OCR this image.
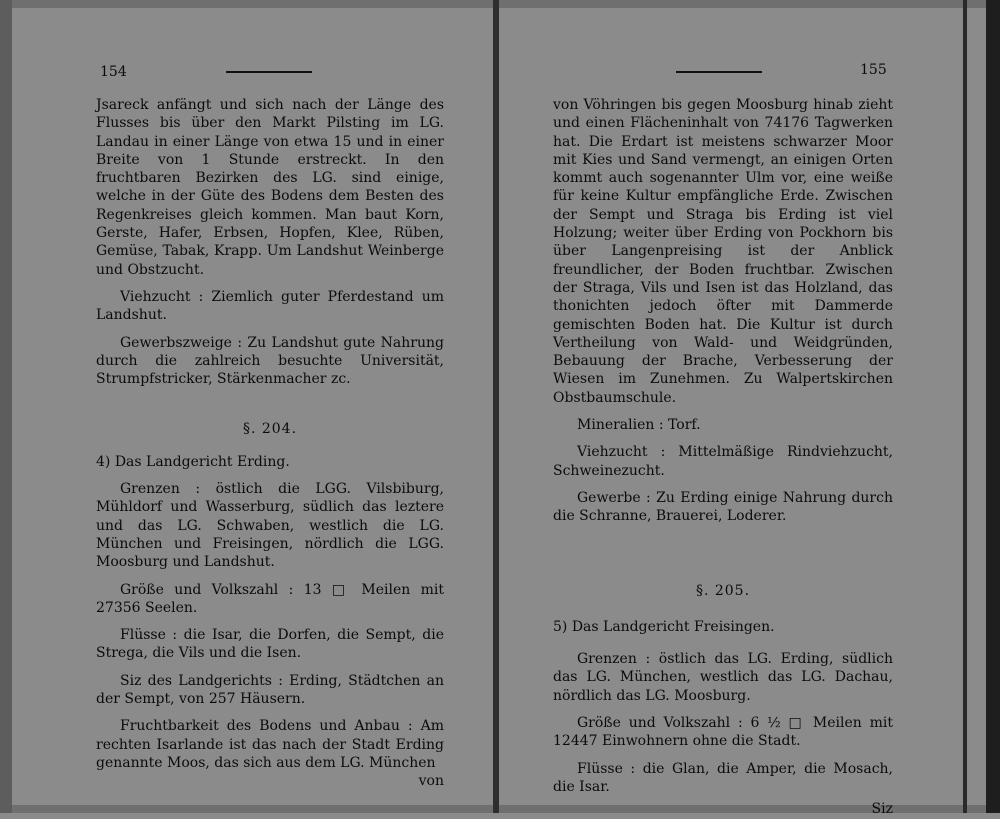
154

Jsareck anfängt und sich nach der Länge des Flusses bis über den Markt Pilsting im LG. Landau in einer Länge von etwa 15 und in einer Breite von 1 Stunde erstreckt. In den fruchtbaren Bezirken des LG. sind einige, welche in der Güte des Bodens dem Besten des Regenkreises gleich kommen. Man baut Korn, Gerste, Hafer, Erbsen, Hopfen, Klee, Rüben, Gemüse, Tabak, Krapp. Um Landshut Weinberge und Obstzucht.

Viehzucht : Ziemlich guter Pferdestand um Landshut.

Gewerbszweige : Zu Landshut gute Nahrung durch die zahlreich besuchte Universität, Strumpfstricker, Stärkenmacher zc.

§. 204.

4) Das Landgericht Erding.

Grenzen : östlich die LGG. Vilsbiburg, Mühldorf und Wasserburg, südlich das leztere und das LG. Schwaben, westlich die LG. München und Freisingen, nördlich die LGG. Moosburg und Landshut.

Größe und Volkszahl : 13 □ Meilen mit 27356 Seelen.

Flüsse : die Isar, die Dorfen, die Sempt, die Strega, die Vils und die Isen.

Siz des Landgerichts : Erding, Städtchen an der Sempt, von 257 Häusern.

Fruchtbarkeit des Bodens und Anbau : Am rechten Isarlande ist das nach der Stadt Erding genannte Moos, das sich aus dem LG. München

von

155

von Vöhringen bis gegen Moosburg hinab zieht und einen Flächeninhalt von 74176 Tagwerken hat. Die Erdart ist meistens schwarzer Moor mit Kies und Sand vermengt, an einigen Orten kommt auch sogenannter Ulm vor, eine weiße für keine Kultur empfängliche Erde. Zwischen der Sempt und Straga bis Erding ist viel Holzung; weiter über Erding von Pockhorn bis über Langenpreising ist der Anblick freundlicher, der Boden fruchtbar. Zwischen der Straga, Vils und Isen ist das Holzland, das thonichten jedoch öfter mit Dammerde gemischten Boden hat. Die Kultur ist durch Vertheilung von Wald- und Weidgründen, Bebauung der Brache, Verbesserung der Wiesen im Zunehmen. Zu Walpertskirchen Obstbaumschule.

Mineralien : Torf.

Viehzucht : Mittelmäßige Rindviehzucht, Schweinezucht.

Gewerbe : Zu Erding einige Nahrung durch die Schranne, Brauerei, Loderer.

§. 205.

5) Das Landgericht Freisingen.

Grenzen : östlich das LG. Erding, südlich das LG. München, westlich das LG. Dachau, nördlich das LG. Moosburg.

Größe und Volkszahl : 6 ½ □ Meilen mit 12447 Einwohnern ohne die Stadt.

Flüsse : die Glan, die Amper, die Mosach, die Isar.

Siz
